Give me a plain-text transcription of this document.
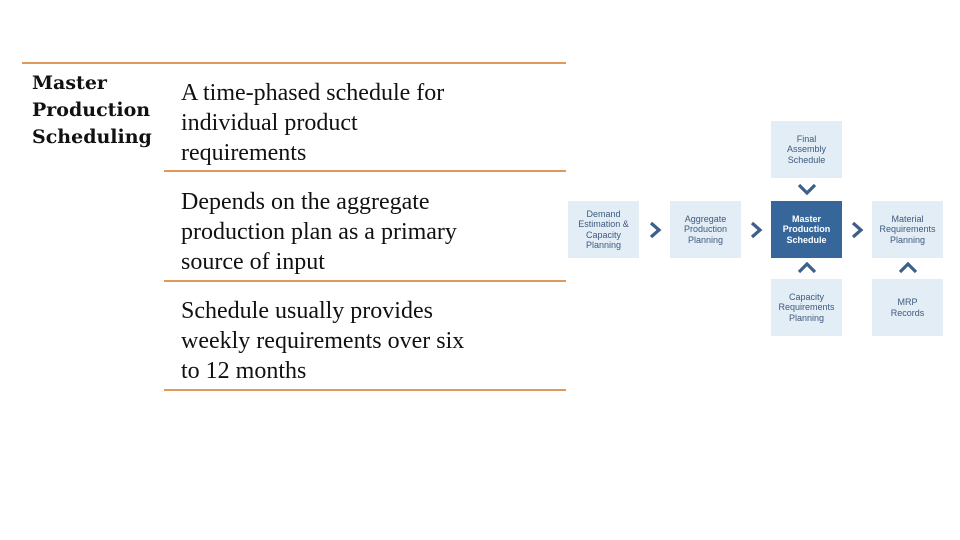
Master
Production
Scheduling
A time-phased schedule for
individual product
requirements
Depends on the aggregate
production plan as a primary
source of input
Schedule usually provides
weekly requirements over six
to 12 months
Demand
Estimation &
Capacity
Planning
Aggregate
Production
Planning
Master
Production
Schedule
Material
Requirements
Planning
Final
Assembly
Schedule
Capacity
Requirements
Planning
MRP
Records
